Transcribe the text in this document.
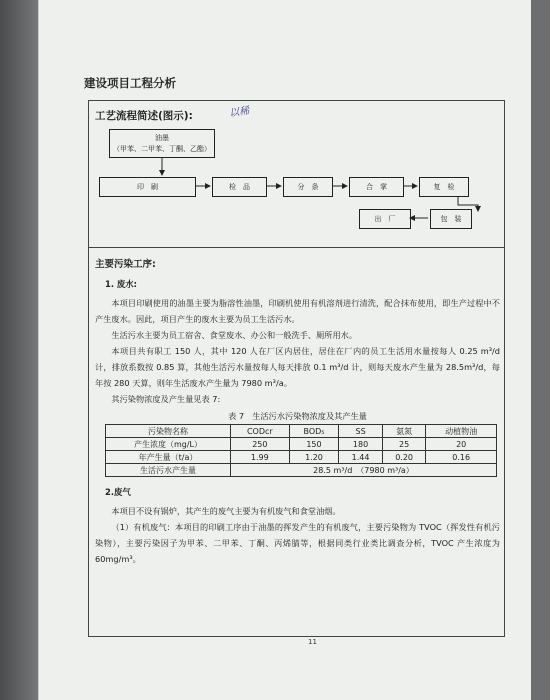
建设项目工程分析
工艺流程简述(图示):	以稀
油墨
（甲苯、二甲苯、丁酮、乙酯）
印　刷	检　品	分　条	合　掌	复　检
包　装
出　厂
主要污染工序:
1. 废水:

本项目印刷使用的油墨主要为脂溶性油墨，印刷机使用有机溶剂进行清洗，配合抹布使用，即生产过程中不产生废水。因此，项目产生的废水主要为员工生活污水。

生活污水主要为员工宿舍、食堂废水、办公和一般洗手、厕所用水。

本项目共有职工 150 人，其中 120 人在厂区内居住，居住在厂内的员工生活用水量按每人 0.25 m³/d 计，排放系数按 0.85 算，其他生活污水量按每人每天排放 0.1 m³/d 计，则每天废水产生量为 28.5m³/d，每年按 280 天算，则年生活废水产生量为 7980 m³/a。

其污染物浓度及产生量见表 7:

表 7　生活污水污染物浓度及其产生量
污染物名称	CODcr	BOD₅	SS	氨氮	动植物油
产生浓度（mg/L）	250	150	180	25	20
年产生量（t/a）	1.99	1.20	1.44	0.20	0.16
生活污水产生量	28.5 m³/d　（7980 m³/a）				
2.废气

本项目不设有锅炉，其产生的废气主要为有机废气和食堂油烟。

（1）有机废气：本项目的印刷工序由于油墨的挥发产生的有机废气，主要污染物为 TVOC（挥发性有机污染物），主要污染因子为甲苯、二甲苯、丁酮、丙烯腈等，根据同类行业类比调查分析，TVOC 产生浓度为 60mg/m³。

11
